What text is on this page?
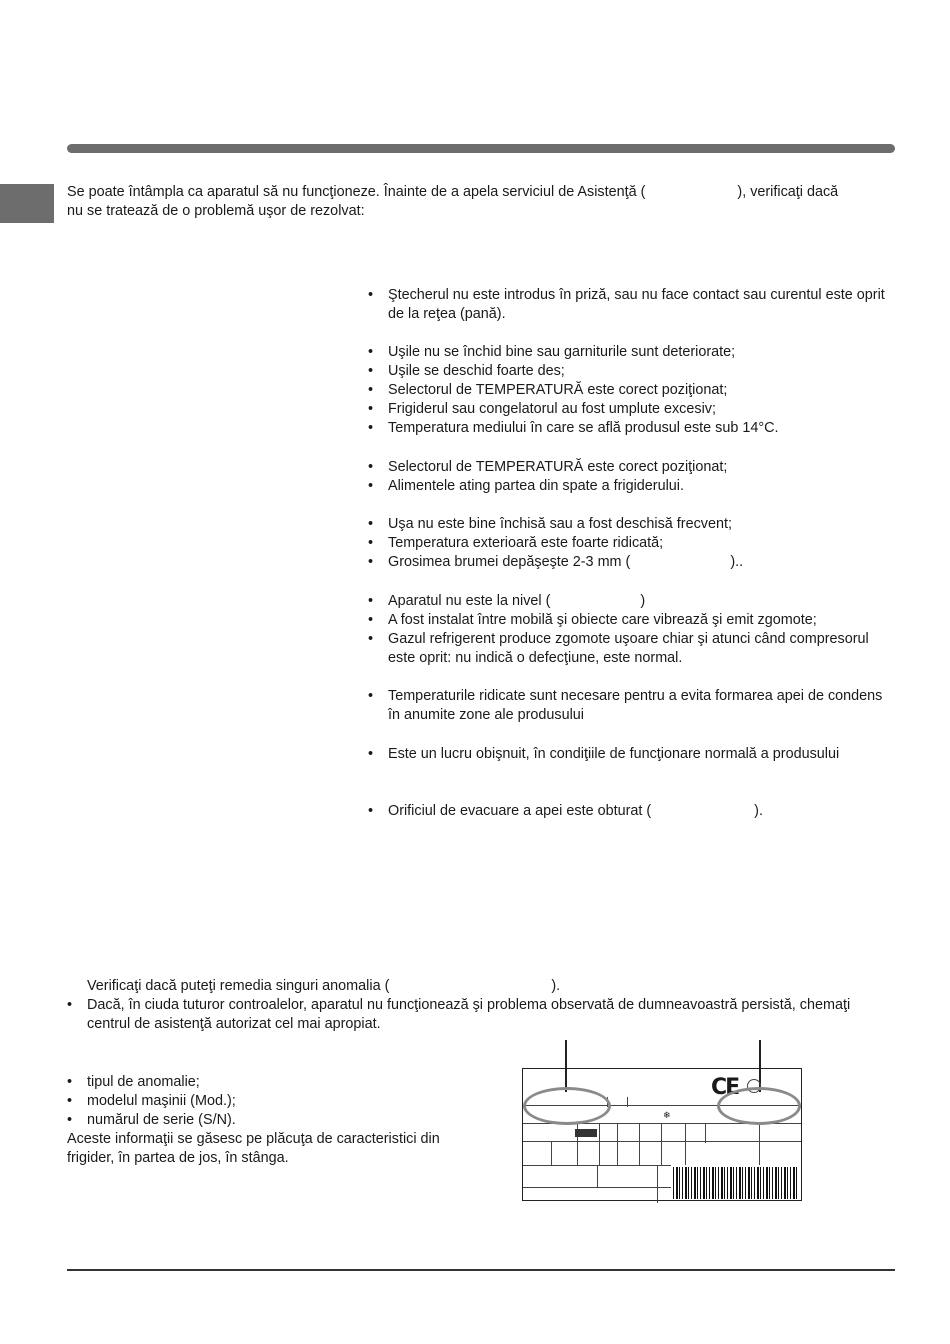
Se poate întâmpla ca aparatul să nu funcţioneze. Înainte de a apela serviciul de Asistenţă (	), verificaţi dacă
nu se tratează de o problemă uşor de rezolvat:
• Ştecherul nu este introdus în priză, sau nu face contact sau curentul este oprit de la reţea (pană).
• Uşile nu se închid bine sau garniturile sunt deteriorate;
• Uşile se deschid foarte des;
• Selectorul de TEMPERATURĂ este corect poziţionat;
• Frigiderul sau congelatorul au fost umplute excesiv;
• Temperatura mediului în care se află produsul este sub 14°C.
• Selectorul de TEMPERATURĂ este corect poziţionat;
• Alimentele ating partea din spate a frigiderului.
• Uşa nu este bine închisă sau a fost deschisă frecvent;
• Temperatura exterioară este foarte ridicată;
• Grosimea brumei depăşeşte 2-3 mm (	)..
• Aparatul nu este la nivel (	)
• A fost instalat între mobilă şi obiecte care vibrează şi emit zgomote;
• Gazul refrigerent produce zgomote uşoare chiar şi atunci când compresorul este oprit: nu indică o defecţiune, este normal.
• Temperaturile ridicate sunt necesare pentru a evita formarea apei de condens în anumite zone ale produsului
• Este un lucru obişnuit, în condiţiile de funcţionare normală a produsului
• Orificiul de evacuare a apei este obturat (	).
Verificaţi dacă puteţi remedia singuri anomalia (	).
• Dacă, în ciuda tuturor controalelor, aparatul nu funcţionează şi problema observată de dumneavoastră persistă, chemaţi centrul de asistenţă autorizat cel mai apropiat.
• tipul de anomalie;
• modelul maşinii (Mod.);
• numărul de serie (S/N).
Aceste informaţii se găsesc pe plăcuţa de caracteristici din frigider, în partea de jos, în stânga.
CE
❄
